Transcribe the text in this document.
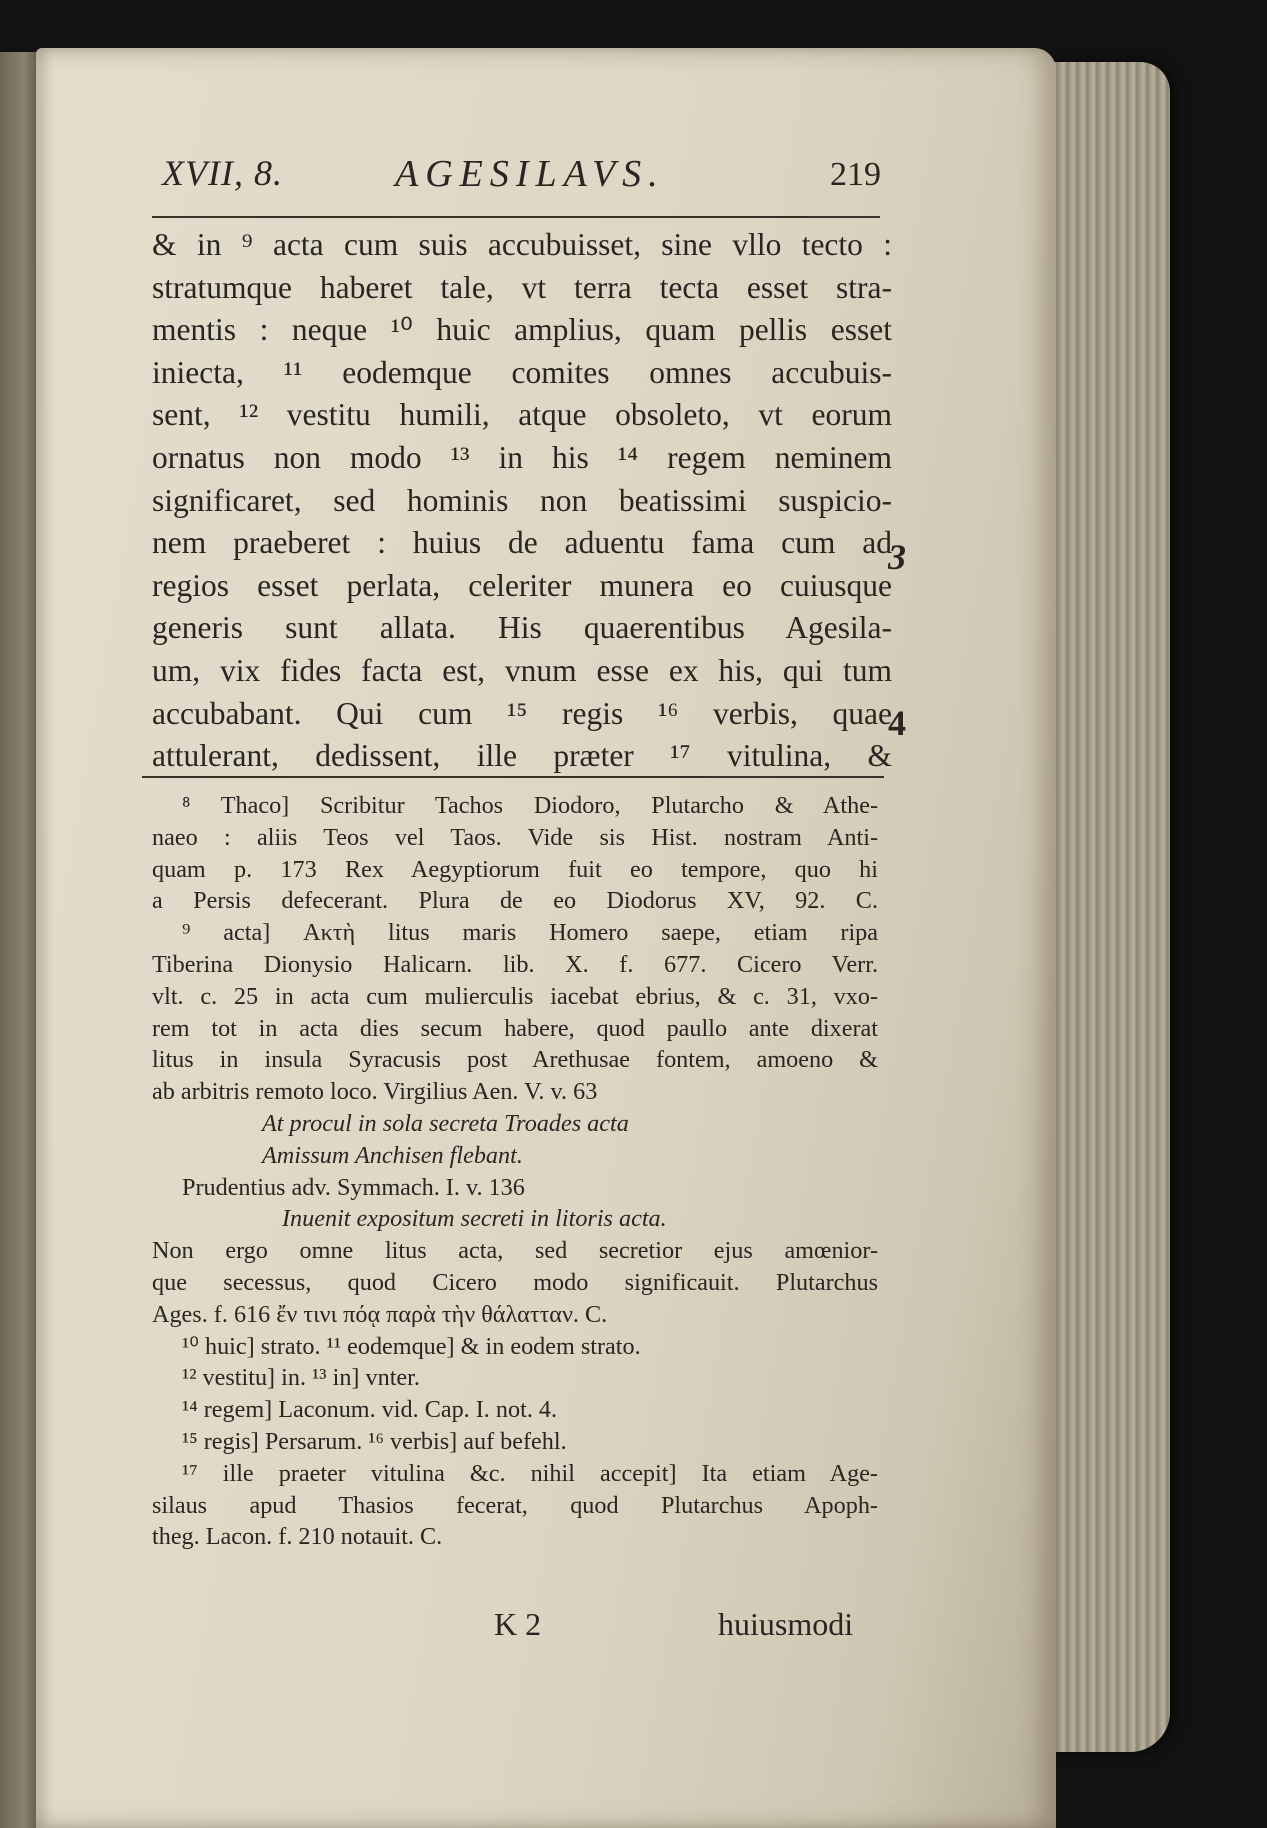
XVII, 8.	AGESILAVS.	219
& in ⁹ acta cum suis accubuisset, sine vllo tecto :
stratumque haberet tale, vt terra tecta esset stra-
mentis : neque ¹⁰ huic amplius, quam pellis esset
iniecta, ¹¹ eodemque comites omnes accubuis-
sent, ¹² vestitu humili, atque obsoleto, vt eorum
ornatus non modo ¹³ in his ¹⁴ regem neminem
significaret, sed hominis non beatissimi suspicio-
nem praeberet : huius de aduentu fama cum ad
regios esset perlata, celeriter munera eo cuiusque
generis sunt allata. His quaerentibus Agesila-
um, vix fides facta est, vnum esse ex his, qui tum
accubabant. Qui cum ¹⁵ regis ¹⁶ verbis, quae
attulerant, dedissent, ille præter ¹⁷ vitulina, &
3
4
⁸ Thaco] Scribitur Tachos Diodoro, Plutarcho & Athe-
naeo : aliis Teos vel Taos. Vide sis Hist. nostram Anti-
quam p. 173 Rex Aegyptiorum fuit eo tempore, quo hi
a Persis defecerant. Plura de eo Diodorus XV, 92. C.
⁹ acta] Ακτὴ litus maris Homero saepe, etiam ripa
Tiberina Dionysio Halicarn. lib. X. f. 677. Cicero Verr.
vlt. c. 25 in acta cum mulierculis iacebat ebrius, & c. 31, vxo-
rem tot in acta dies secum habere, quod paullo ante dixerat
litus in insula Syracusis post Arethusae fontem, amoeno &
ab arbitris remoto loco. Virgilius Aen. V. v. 63
At procul in sola secreta Troades acta
Amissum Anchisen flebant.
Prudentius adv. Symmach. I. v. 136
Inuenit expositum secreti in litoris acta.
Non ergo omne litus acta, sed secretior ejus amœnior-
que secessus, quod Cicero modo significauit. Plutarchus
Ages. f. 616 ἔν τινι πόᾳ παρὰ τὴν θάλατταν. C.
¹⁰ huic] strato. ¹¹ eodemque] & in eodem strato.
¹² vestitu] in. ¹³ in] vnter.
¹⁴ regem] Laconum. vid. Cap. I. not. 4.
¹⁵ regis] Persarum. ¹⁶ verbis] auf befehl.
¹⁷ ille praeter vitulina &c. nihil accepit] Ita etiam Age-
silaus apud Thasios fecerat, quod Plutarchus Apoph-
theg. Lacon. f. 210 notauit. C.
K 2	huiusmodi
